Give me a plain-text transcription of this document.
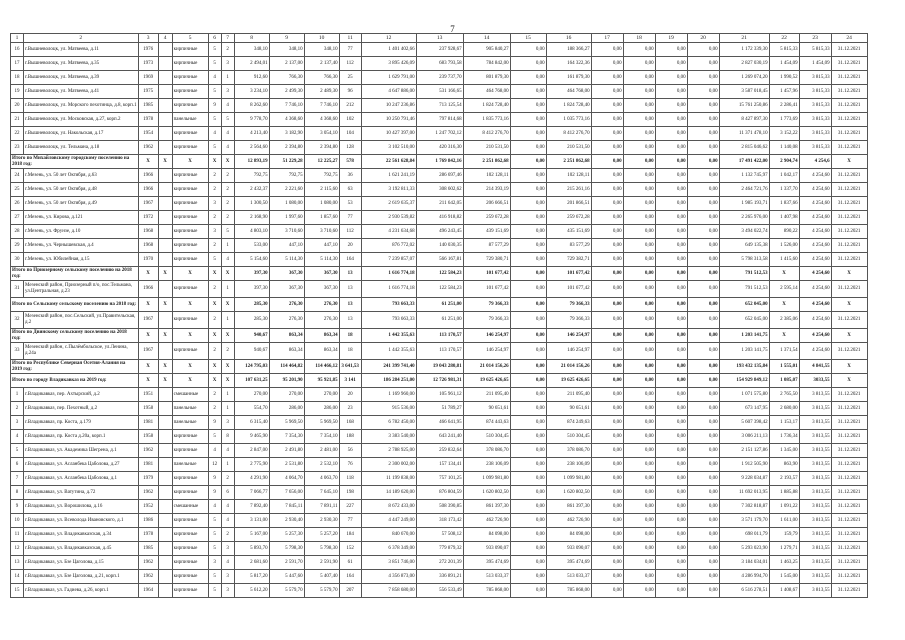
7
1	2	3	4	5	6	7	8	9	10	11	12	13	14	15	16	17	18	19	20	21	22	23	24
16	г.Вышневолоцк, ул. Матвеева, д.11	1976		кирпичные	5	2	348,10	348,10	348,10	77	1 401 402,66	237 928,67	905 840,27	0,00	188 366,27	0,00	0,00	0,00	0,00	1 172 339,30	5 815,33	5 815,33	31.12.2021
17	г.Вышневолоцк, ул. Матвеева, д.35	1973		кирпичные	5	3	2 494,01	2 137,00	2 137,40	112	3 895 426,09	683 793,58	784 842,00	0,00	164 322,36	0,00	0,00	0,00	0,00	2 827 030,19	1 454,09	1 454,09	31.12.2021
18	г.Вышневолоцк, ул. Матвеева, д.39	1969		кирпичные	4	1	912,60	766,30	766,30	25	1 629 791,00	239 737,70	801 879,30	0,00	161 879,30	0,00	0,00	0,00	0,00	1 269 074,20	1 990,52	3 815,33	31.12.2021
19	г.Вышневолоцк, ул. Матвеева, д.41	1975		кирпичные	5	3	3 234,10	2 499,30	2 489,30	96	4 647 886,00	531 166,65	464 768,00	0,00	464 768,00	0,00	0,00	0,00	0,00	3 587 018,45	1 457,96	3 815,33	31.12.2021
20	г.Вышневолоцк, ул. Морского пехотинца, д.8, корп.1	1985		кирпичные	9	4	8 262,60	7 746,10	7 746,10	212	10 247 236,86	713 125,54	1 824 728,40	0,00	1 824 728,40	0,00	0,00	0,00	0,00	15 761 250,86	2 286,41	3 815,33	31.12.2021
21	г.Вышневолоцк, ул. Московская, д.27, корп.2	1978		панельные	5	5	9 778,70	4 368,60	4 368,60	102	10 250 791,46	797 814,68	1 835 773,16	0,00	1 035 773,16	0,00	0,00	0,00	0,00	8 427 897,30	1 773,69	3 815,33	31.12.2021
22	г.Вышневолоцк, ул. Накольская, д.17	1954		кирпичные	4	4	4 213,40	3 182,90	3 054,10	104	10 427 397,00	1 247 702,12	8 412 276,70	0,00	8 412 276,70	0,00	0,00	0,00	0,00	11 371 478,10	3 152,22	3 815,33	31.12.2021
23	г.Вышневолоцк, ул. Тельмана, д.18	1962		кирпичные	5	4	2 564,60	2 394,80	2 394,80	128	3 102 510,00	420 316,30	210 531,50	0,00	210 531,50	0,00	0,00	0,00	0,00	2 815 046,62	1 140,08	3 815,33	31.12.2021
Итого по Михайловскому городскому поселению на 2018 год:		X	X	X	X	X	12 893,19	51 229,28	12 225,27	578	22 561 628,84	1 769 842,16	2 251 862,68	0,00	2 251 862,68	0,00	0,00	0,00	0,00	17 491 422,00	2 904,74	4 254,6	X
24	г.Мезень, ул. 50 лет Октября, д.63	1966		кирпичные	2	2	792,75	792,75	792,75	36	1 621 241,19	286 697,46	102 128,11	0,00	102 128,11	0,00	0,00	0,00	0,00	1 132 745,97	1 042,17	4 254,60	31.12.2021
25	г.Мезень, ул. 50 лет Октября, д.48	1966		кирпичные	2	2	2 432,37	2 221,60	2 115,60	63	3 192 811,33	308 602,62	214 393,19	0,00	215 261,16	0,00	0,00	0,00	0,00	2 464 721,76	1 337,70	4 254,60	31.12.2021
26	г.Мезень, ул. 50 лет Октября, д.49	1967		кирпичные	3	2	1 300,50	1 080,00	1 080,00	53	2 619 635,37	211 642,05	206 666,51	0,00	201 866,51	0,00	0,00	0,00	0,00	1 985 193,71	1 837,66	4 254,60	31.12.2021
27	г.Мезень, ул. Кирова, д.121	1972		кирпичные	2	2	2 168,90	1 997,60	1 857,60	77	2 930 539,82	416 918,82	259 672,28	0,00	259 672,28	0,00	0,00	0,00	0,00	2 265 976,00	1 407,98	4 254,60	31.12.2021
28	г.Мезень, ул. Фрунзе, д.10	1968		кирпичные	3	5	4 803,10	3 710,60	3 710,60	112	4 231 634,68	496 243,45	439 151,69	0,00	435 151,69	0,00	0,00	0,00	0,00	3 494 022,74	890,22	4 254,60	31.12.2021
29	г.Мезень, ул. Чернышевская, д.4	1968		кирпичные	2	1	533,00	447,10	447,10	20	876 772,02	140 030,35	87 577,29	0,00	83 577,29	0,00	0,00	0,00	0,00	649 135,38	1 526,00	4 254,60	31.12.2021
30	г.Мезень, ул. Юбилейная, д.15	1970		кирпичные	5	4	5 154,60	5 114,30	5 114,30	164	7 239 857,07	566 167,81	729 380,71	0,00	729 382,71	0,00	0,00	0,00	0,00	5 798 313,58	1 415,60	4 254,60	31.12.2021
Итого по Приозерному сельскому поселению на 2018 год:		X	X	X	X	X	397,30	367,30	367,30	13	1 616 774,18	122 584,23	101 677,42	0,00	101 677,42	0,00	0,00	0,00	0,00	791 512,53	X	4 254,60	X
31	Мезенский район, Приозерный п/о, пос.Тельмана, ул.Центральная, д.23	1966		кирпичные	2	1	397,30	367,30	367,30	13	1 616 774,18	122 584,23	101 677,42	0,00	101 677,42	0,00	0,00	0,00	0,00	791 512,53	2 595,14	4 254,60	31.12.2021
Итого по Сельскому сельскому поселению на 2018 год:		X	X	X	X	X	285,30	276,30	276,30	13	793 663,33	61 251,00	79 366,33	0,00	79 366,33	0,00	0,00	0,00	0,00	652 045,00	X	4 254,60	X
32	Мезенский район, пос.Сельский, ул.Правительская, д.2	1967		кирпичные	2	1	285,30	276,30	276,30	13	793 663,33	61 251,00	79 366,33	0,00	79 366,33	0,00	0,00	0,00	0,00	652 045,00	2 385,06	4 254,60	31.12.2021
Итого по Двинскому сельскому поселению на 2018 год:		X	X	X	X	X	940,67	863,34	863,34	18	1 442 355,63	113 170,57	146 254,97	0,00	146 254,97	0,00	0,00	0,00	0,00	1 203 141,75	X	4 254,60	X
33	Мезенский район, с.Пылёмбольское, ул.Ленина, д.24а	1967		кирпичные	2	2	940,67	863,34	863,34	18	1 442 355,63	113 170,57	146 254,97	0,00	146 254,97	0,00	0,00	0,00	0,00	1 203 141,75	1 371,54	4 254,60	31.12.2021
Итого по Республике Северная Осетия-Алания на 2019 год:		X	X	X	X	X	124 795,03	114 464,82	114 466,12	3 641,53	241 399 741,40	19 043 280,81	21 014 156,26	0,00	21 014 156,26	0,00	0,00	0,00	0,00	193 432 135,84	1 555,01	4 841,55	X
Итого по городу Владикавказ на 2019 год:		X	X	X	X	X	107 631,25	95 201,90	95 921,85	3 141	186 284 251,00	12 726 981,31	19 625 426,65	0,00	19 625 426,65	0,00	0,00	0,00	0,00	154 929 849,12	1 085,07	3033,55	X
1	г.Владикавказ, пер. Ахтырский, д.2	1951		смешанные	2	1	270,00	270,00	270,00	20	1 169 960,00	105 961,12	211 095,40	0,00	211 095,40	0,00	0,00	0,00	0,00	1 071 575,80	2 765,50	3 813,55	31.12.2021
2	г.Владикавказ, пер. Пехотный, д.2	1958		панельные	2	1	554,70	286,00	286,00	23	915 536,00	51 789,27	90 651,61	0,00	90 651,61	0,00	0,00	0,00	0,00	673 147,95	2 680,00	3 813,55	31.12.2021
3	г.Владикавказ, пр. Коста, д.179	1981		панельные	9	3	6 315,40	5 969,50	5 969,50	168	6 782 450,00	466 641,95	874 443,63	0,00	874 249,63	0,00	0,00	0,00	0,00	5 607 398,42	1 153,17	3 813,55	31.12.2021
4	г.Владикавказ, пр. Коста д.20а, корп.1	1958		кирпичные	5	8	9 465,90	7 354,30	7 354,10	188	3 383 540,00	643 241,40	510 304,45	0,00	510 304,45	0,00	0,00	0,00	0,00	3 006 211,13	1 736,34	3 813,55	31.12.2021
5	г.Владикавказ, ул. Академика Шегрена, д.1	1962		кирпичные	4	4	2 847,00	2 491,80	2 481,00	56	2 788 925,00	259 832,64	378 086,70	0,00	378 086,70	0,00	0,00	0,00	0,00	2 151 127,86	1 345,00	3 813,55	31.12.2021
6	г.Владикавказ, ул. Асланбека Цаболова, д.27	1981		панельные	12	1	2 775,90	2 531,80	2 532,10	76	2 300 002,00	157 134,41	238 106,09	0,00	238 106,09	0,00	0,00	0,00	0,00	1 912 505,90	863,90	3 813,55	31.12.2021
7	г.Владикавказ, ул. Асланбека Цаболова, д.1	1979		кирпичные	9	2	4 291,90	4 064,70	4 063,70	118	11 199 838,00	757 101,25	1 099 981,80	0,00	1 099 981,80	0,00	0,00	0,00	0,00	9 228 034,87	2 193,57	3 813,55	31.12.2021
8	г.Владикавказ, ул. Ватутина, д.72	1962		кирпичные	9	6	7 066,77	7 656,00	7 645,10	198	14 189 620,00	876 804,59	1 620 802,50	0,00	1 620 802,50	0,00	0,00	0,00	0,00	11 692 013,95	1 885,88	3 813,55	31.12.2021
9	г.Владикавказ, ул. Ворошилова, д.16	1952		смешанные	4	4	7 892,40	7 845,11	7 891,11	227	8 672 433,00	508 390,85	861 397,30	0,00	861 397,30	0,00	0,00	0,00	0,00	7 302 818,87	1 091,22	3 813,55	31.12.2021
10	г.Владикавказ, ул. Всеволода Ивановского, д.1	1986		кирпичные	5	4	3 131,00	2 930,40	2 930,30	77	4 447 249,00	318 173,42	462 726,90	0,00	462 726,90	0,00	0,00	0,00	0,00	3 571 179,70	1 611,00	3 813,55	31.12.2021
11	г.Владикавказ, ул. Владикавказская, д.34	1978		кирпичные	5	2	5 167,00	5 257,30	5 257,20	184	840 670,00	57 508,12	84 098,00	0,00	84 098,00	0,00	0,00	0,00	0,00	698 011,79	159,79	3 813,55	31.12.2021
12	г.Владикавказ, ул. Владикавказская, д.45	1985		кирпичные	5	3	5 893,70	5 798,30	5 798,30	152	6 378 349,00	779 879,32	933 090,07	0,00	933 090,07	0,00	0,00	0,00	0,00	5 293 023,90	1 279,71	3 813,55	31.12.2021
13	г.Владикавказ, ул. Бзе Цаголова, д.15	1962		кирпичные	3	4	2 681,60	2 591,70	2 591,90	61	3 851 746,00	272 201,39	395 474,69	0,00	395 474,69	0,00	0,00	0,00	0,00	3 184 034,01	1 463,25	3 813,55	31.12.2021
14	г.Владикавказ, ул. Бзе Цаголова, д.21, корп.1	1962		кирпичные	5	3	5 817,20	5 447,60	5 407,40	164	4 356 873,00	336 891,21	513 033,37	0,00	513 033,37	0,00	0,00	0,00	0,00	4 286 994,70	1 545,00	3 813,55	31.12.2021
15	г.Владикавказ, ул. Гадиева, д.26, корп.1	1964		кирпичные	5	3	5 612,20	5 579,70	5 579,70	207	7 858 680,00	556 533,49	785 868,00	0,00	785 868,00	0,00	0,00	0,00	0,00	6 516 278,51	1 408,67	3 813,55	31.12.2021
